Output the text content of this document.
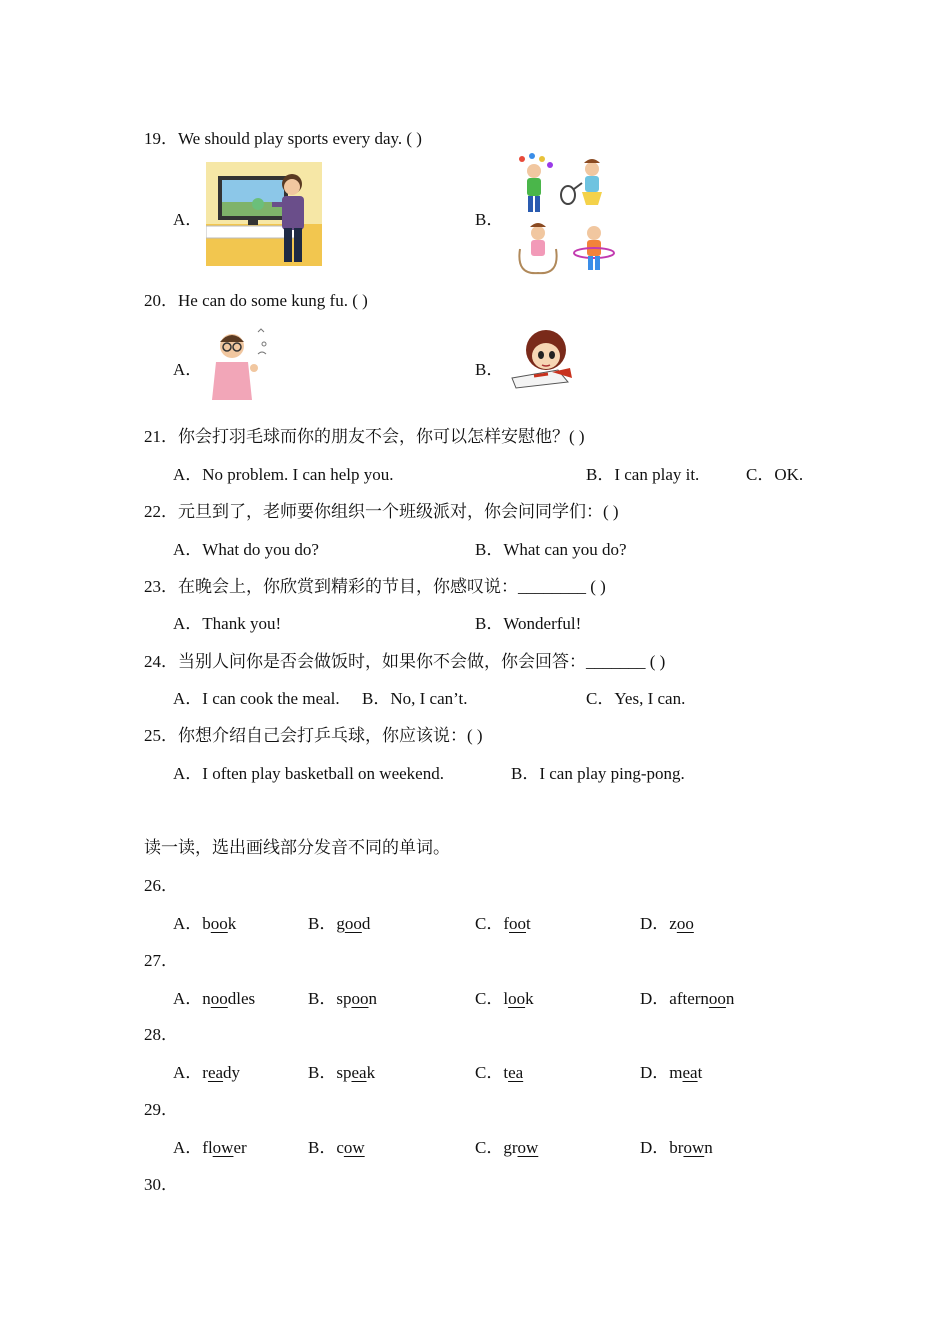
19．We should play sports every day. ( )
A．	B．
20．He can do some kung fu. ( )
A．	B．
21．你会打羽毛球而你的朋友不会，你可以怎样安慰他？( )
A．No problem. I can help you.	B．I can play it.	C．OK.
22．元旦到了，老师要你组织一个班级派对，你会问同学们：( )
A．What do you do?	B．What can you do?
23．在晚会上，你欣赏到精彩的节目，你感叹说：________ ( )
A．Thank you!	B．Wonderful!
24．当别人问你是否会做饭时，如果你不会做，你会回答：_______ ( )
A．I can cook the meal. B．No, I can’t.	C．Yes, I can.
25．你想介绍自己会打乒乓球，你应该说：( )
A．I often play basketball on weekend.	B．I can play ping-pong.
读一读，选出画线部分发音不同的单词。
26．
A．book	B．good	C．foot	D．zoo
27．
A．noodles	B．spoon	C．look	D．afternoon
28．
A．ready	B．speak	C．tea	D．meat
29．
A．flower	B．cow	C．grow	D．brown
30．
